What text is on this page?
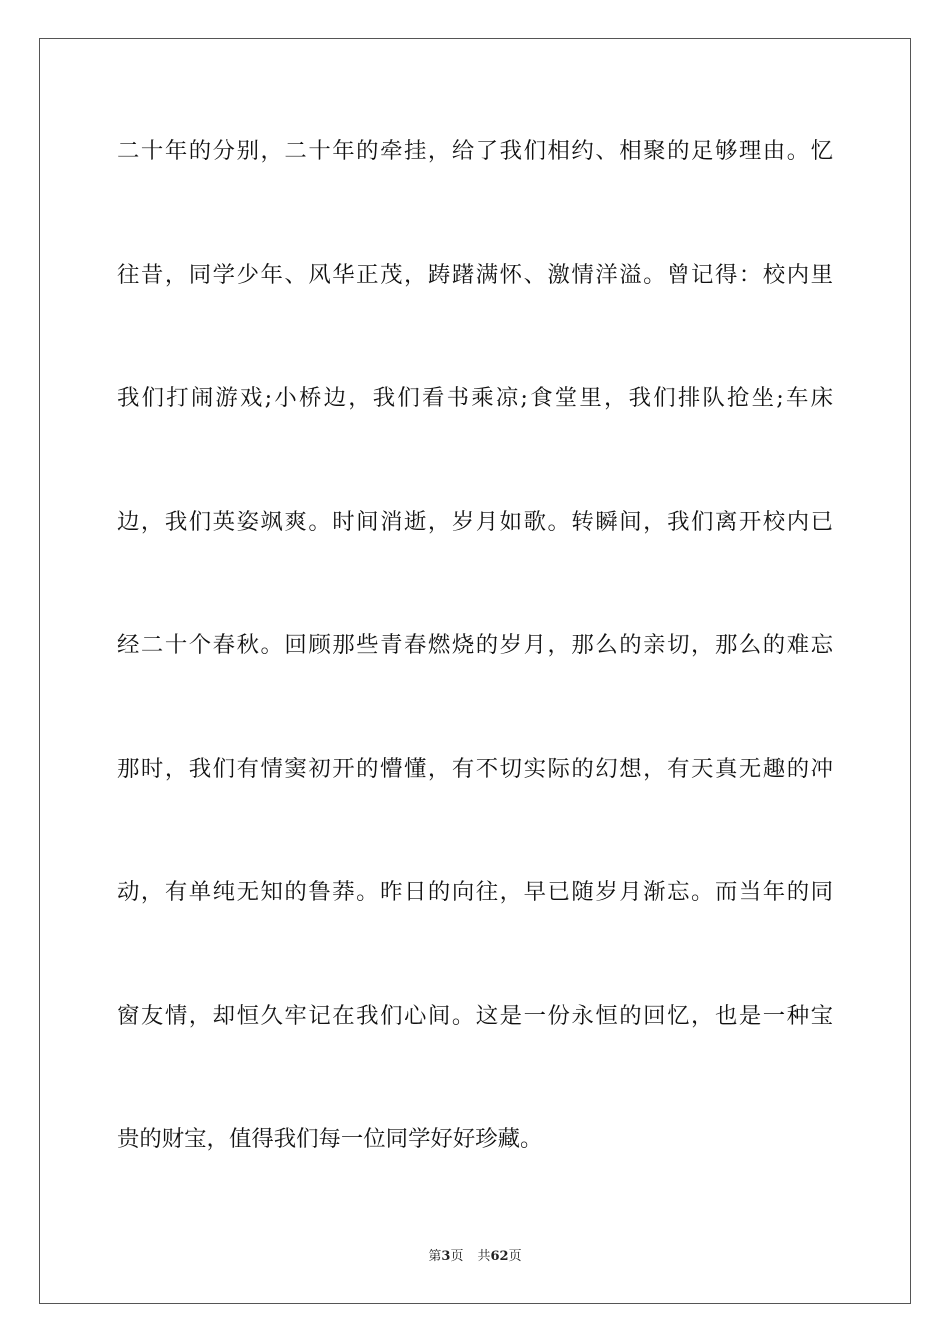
二十年的分别，二十年的牵挂，给了我们相约、相聚的足够理由。忆
往昔，同学少年、风华正茂，踌躇满怀、激情洋溢。曾记得：校内里
我们打闹游戏;小桥边，我们看书乘凉;食堂里，我们排队抢坐;车床
边，我们英姿飒爽。时间消逝，岁月如歌。转瞬间，我们离开校内已
经二十个春秋。回顾那些青春燃烧的岁月，那么的亲切，那么的难忘
那时，我们有情窦初开的懵懂，有不切实际的幻想，有天真无趣的冲
动，有单纯无知的鲁莽。昨日的向往，早已随岁月渐忘。而当年的同
窗友情，却恒久牢记在我们心间。这是一份永恒的回忆，也是一种宝
贵的财宝，值得我们每一位同学好好珍藏。
第3页 共62页
